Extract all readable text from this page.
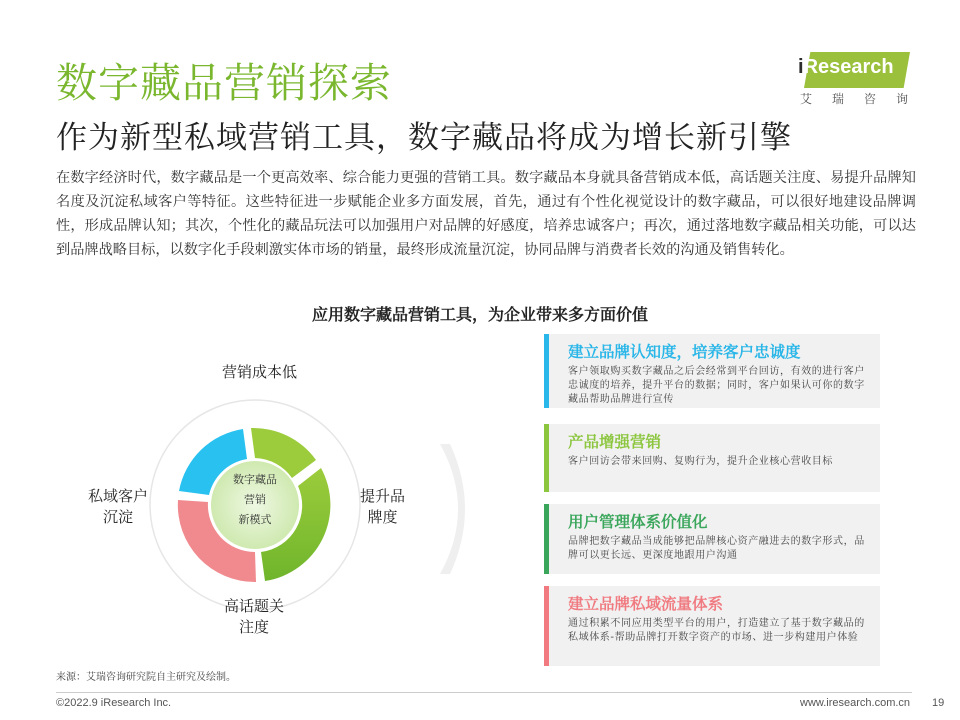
数字藏品营销探索
作为新型私域营销工具，数字藏品将成为增长新引擎
iResearch
艾 瑞 咨 询
在数字经济时代，数字藏品是一个更高效率、综合能力更强的营销工具。数字藏品本身就具备营销成本低，高话题关注度、易提升品牌知名度及沉淀私域客户等特征。这些特征进一步赋能企业多方面发展，首先，通过有个性化视觉设计的数字藏品，可以很好地建设品牌调性，形成品牌认知；其次，个性化的藏品玩法可以加强用户对品牌的好感度，培养忠诚客户；再次，通过落地数字藏品相关功能，可以达到品牌战略目标，以数字化手段刺激实体市场的销量，最终形成流量沉淀，协同品牌与消费者长效的沟通及销售转化。
应用数字藏品营销工具，为企业带来多方面价值
数字藏品
营销
新模式
营销成本低
提升品
牌度
高话题关
注度
私域客户
沉淀
建立品牌认知度，培养客户忠诚度
客户领取购买数字藏品之后会经常到平台回访，有效的进行客户忠诚度的培养，提升平台的数据；同时，客户如果认可你的数字藏品帮助品牌进行宣传
产品增强营销
客户回访会带来回购、复购行为，提升企业核心营收目标
用户管理体系价值化
品牌把数字藏品当成能够把品牌核心资产融进去的数字形式，品牌可以更长远、更深度地跟用户沟通
建立品牌私域流量体系
通过积累不同应用类型平台的用户，打造建立了基于数字藏品的私域体系-帮助品牌打开数字资产的市场、进一步构建用户体验
来源：艾瑞咨询研究院自主研究及绘制。
©2022.9 iResearch Inc.	www.iresearch.com.cn 19
